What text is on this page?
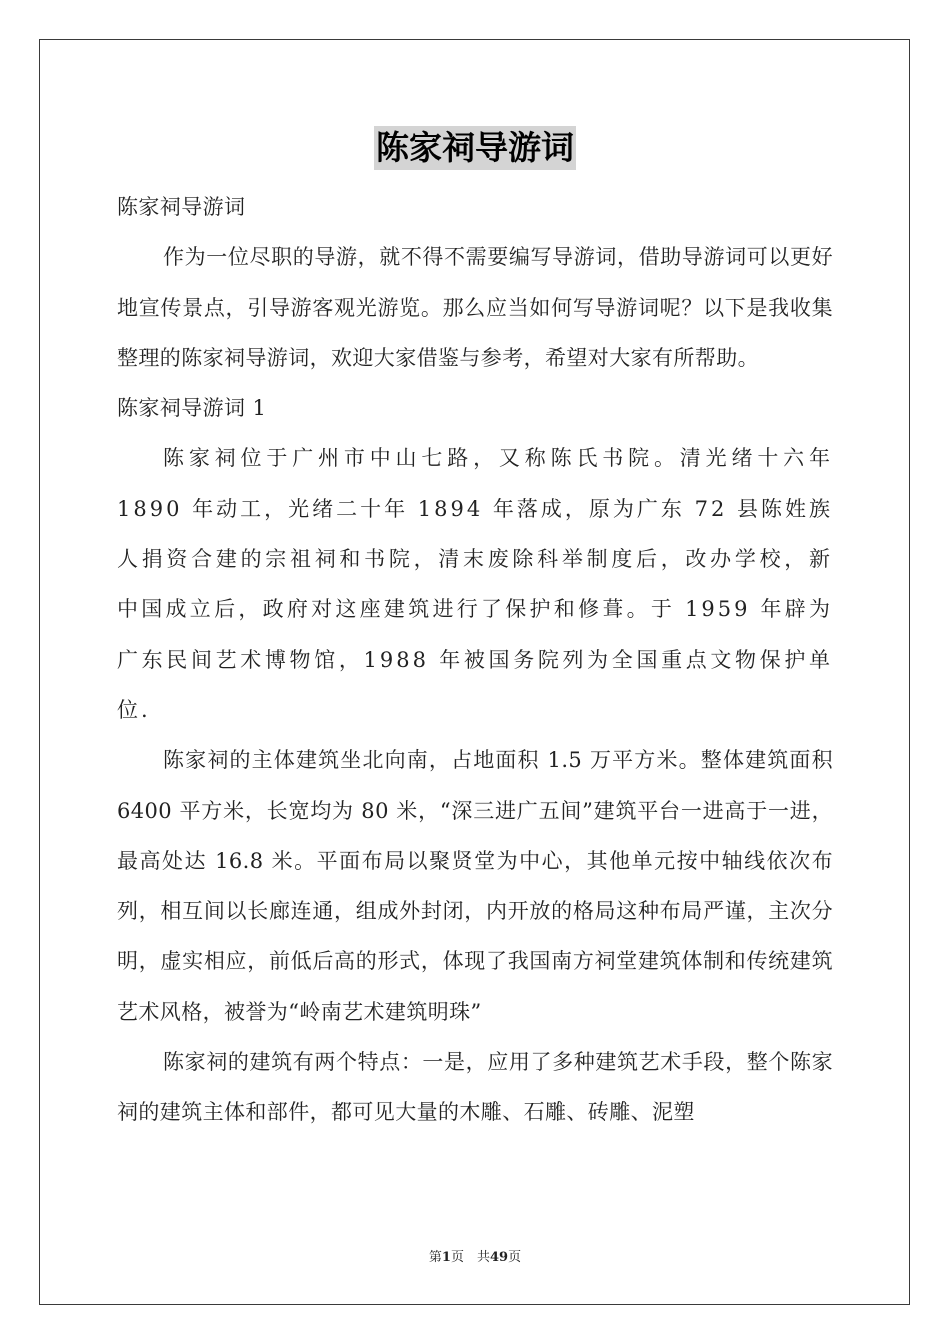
陈家祠导游词

陈家祠导游词

作为一位尽职的导游，就不得不需要编写导游词，借助导游词可以更好地宣传景点，引导游客观光游览。那么应当如何写导游词呢？以下是我收集整理的陈家祠导游词，欢迎大家借鉴与参考，希望对大家有所帮助。

陈家祠导游词 1

陈家祠位于广州市中山七路，又称陈氏书院。清光绪十六年 1890 年动工，光绪二十年 1894 年落成，原为广东 72 县陈姓族人捐资合建的宗祖祠和书院，清末废除科举制度后，改办学校，新中国成立后，政府对这座建筑进行了保护和修葺。于 1959 年辟为广东民间艺术博物馆，1988 年被国务院列为全国重点文物保护单位.

陈家祠的主体建筑坐北向南，占地面积 1.5 万平方米。整体建筑面积 6400 平方米，长宽均为 80 米，“深三进广五间”建筑平台一进高于一进，最高处达 16.8 米。平面布局以聚贤堂为中心，其他单元按中轴线依次布列，相互间以长廊连通，组成外封闭，内开放的格局这种布局严谨，主次分明，虚实相应，前低后高的形式，体现了我国南方祠堂建筑体制和传统建筑艺术风格，被誉为“岭南艺术建筑明珠”

陈家祠的建筑有两个特点：一是，应用了多种建筑艺术手段，整个陈家祠的建筑主体和部件，都可见大量的木雕、石雕、砖雕、泥塑

第1页　共49页
